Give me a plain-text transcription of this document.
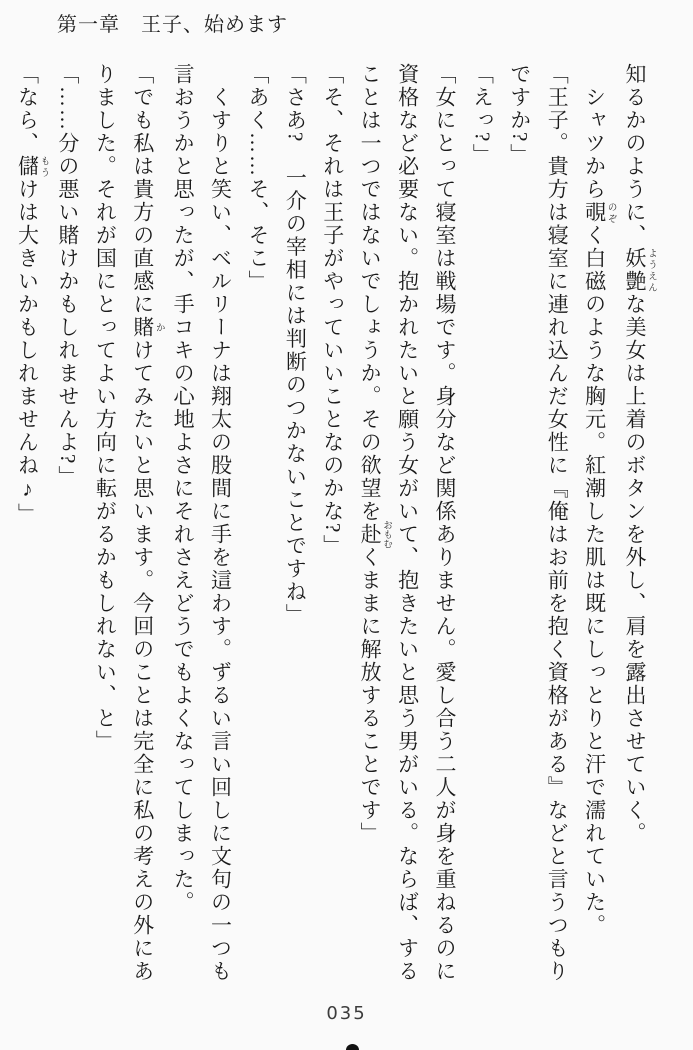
第一章　王子、始めます

知るかのように、妖艶 ようえんな美女は上着のボタンを外し、肩を露出させていく。

　シャツから覗 のぞく白磁のような胸元。紅潮した肌は既にしっとりと汗で濡れていた。

「王子。貴方は寝室に連れ込んだ女性に『俺はお前を抱く資格がある』などと言うつもり
ですか?」

「えっ?」

「女にとって寝室は戦場です。身分など関係ありません。愛し合う二人が身を重ねるのに
資格など必要ない。抱かれたいと願う女がいて、抱きたいと思う男がいる。ならば、する
ことは一つではないでしょうか。その欲望を赴 おもむくままに解放することです」

「そ、それは王子がやっていいことなのかな?」

「さあ?　一介の宰相には判断のつかないことですね」

「あく……そ、そこ」

　くすりと笑い、ベルリーナは翔太の股間に手を這わす。ずるい言い回しに文句の一つも
言おうかと思ったが、手コキの心地よさにそれさえどうでもよくなってしまった。

「でも私は貴方の直感に賭 かけてみたいと思います。今回のことは完全に私の考えの外にあ
りました。それが国にとってよい方向に転がるかもしれない、と」

「……分の悪い賭けかもしれませんよ?」

「なら、儲 もうけは大きいかもしれませんね♪」

035
